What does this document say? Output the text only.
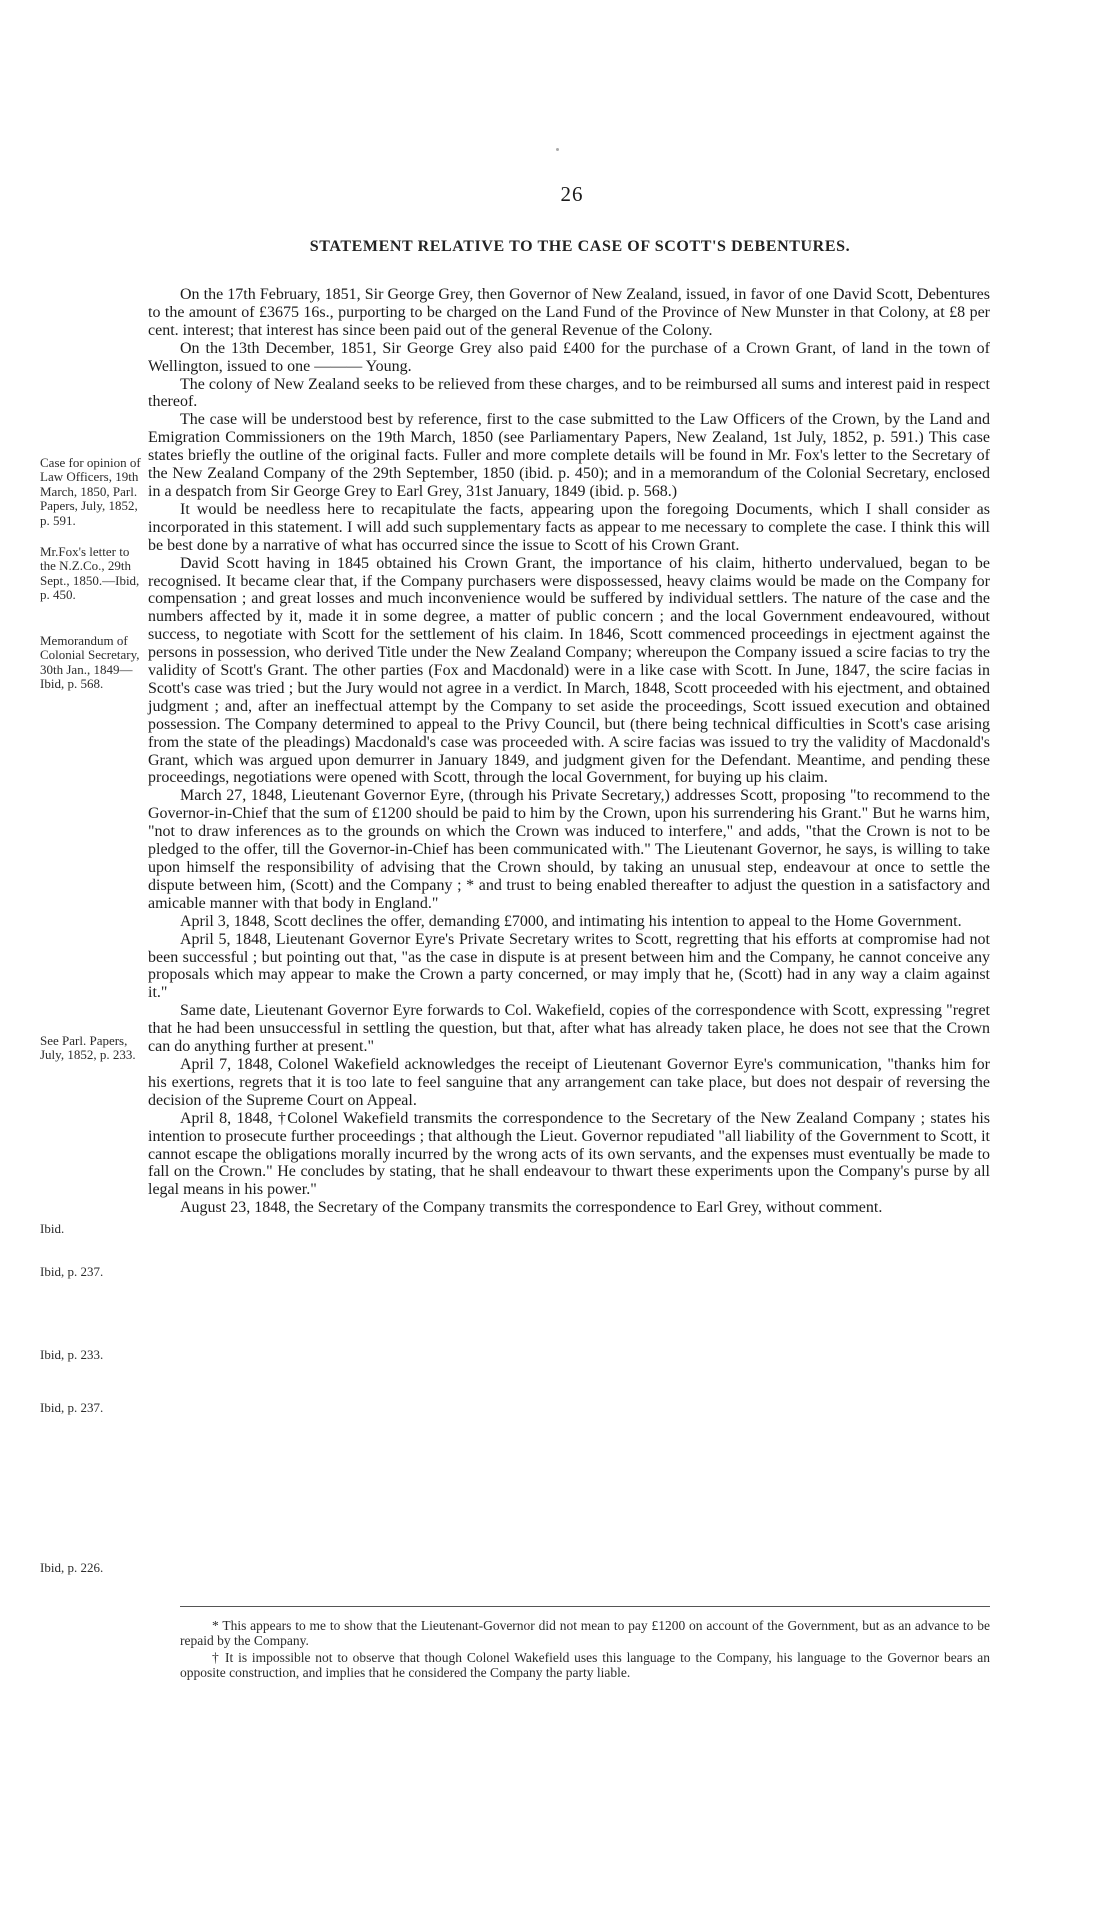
26
STATEMENT RELATIVE TO THE CASE OF SCOTT'S DEBENTURES.

On the 17th February, 1851, Sir George Grey, then Governor of New Zealand, issued, in favor of one David Scott, Debentures to the amount of £3675 16s., purporting to be charged on the Land Fund of the Province of New Munster in that Colony, at £8 per cent. interest; that interest has since been paid out of the general Revenue of the Colony.

On the 13th December, 1851, Sir George Grey also paid £400 for the purchase of a Crown Grant, of land in the town of Wellington, issued to one ——— Young.

The colony of New Zealand seeks to be relieved from these charges, and to be reimbursed all sums and interest paid in respect thereof.

The case will be understood best by reference, first to the case submitted to the Law Officers of the Crown, by the Land and Emigration Commissioners on the 19th March, 1850 (see Parliamentary Papers, New Zealand, 1st July, 1852, p. 591.) This case states briefly the outline of the original facts. Fuller and more complete details will be found in Mr. Fox's letter to the Secretary of the New Zealand Company of the 29th September, 1850 (ibid. p. 450); and in a memorandum of the Colonial Secretary, enclosed in a despatch from Sir George Grey to Earl Grey, 31st January, 1849 (ibid. p. 568.)

It would be needless here to recapitulate the facts, appearing upon the foregoing Documents, which I shall consider as incorporated in this statement. I will add such supplementary facts as appear to me necessary to complete the case. I think this will be best done by a narrative of what has occurred since the issue to Scott of his Crown Grant.

David Scott having in 1845 obtained his Crown Grant, the importance of his claim, hitherto undervalued, began to be recognised. It became clear that, if the Company purchasers were dispossessed, heavy claims would be made on the Company for compensation ; and great losses and much inconvenience would be suffered by individual settlers. The nature of the case and the numbers affected by it, made it in some degree, a matter of public concern ; and the local Government endeavoured, without success, to negotiate with Scott for the settlement of his claim. In 1846, Scott commenced proceedings in ejectment against the persons in possession, who derived Title under the New Zealand Company; whereupon the Company issued a scire facias to try the validity of Scott's Grant. The other parties (Fox and Macdonald) were in a like case with Scott. In June, 1847, the scire facias in Scott's case was tried ; but the Jury would not agree in a verdict. In March, 1848, Scott proceeded with his ejectment, and obtained judgment ; and, after an ineffectual attempt by the Company to set aside the proceedings, Scott issued execution and obtained possession. The Company determined to appeal to the Privy Council, but (there being technical difficulties in Scott's case arising from the state of the pleadings) Macdonald's case was proceeded with. A scire facias was issued to try the validity of Macdonald's Grant, which was argued upon demurrer in January 1849, and judgment given for the Defendant. Meantime, and pending these proceedings, negotiations were opened with Scott, through the local Government, for buying up his claim.

March 27, 1848, Lieutenant Governor Eyre, (through his Private Secretary,) addresses Scott, proposing "to recommend to the Governor-in-Chief that the sum of £1200 should be paid to him by the Crown, upon his surrendering his Grant." But he warns him, "not to draw inferences as to the grounds on which the Crown was induced to interfere," and adds, "that the Crown is not to be pledged to the offer, till the Governor-in-Chief has been communicated with." The Lieutenant Governor, he says, is willing to take upon himself the responsibility of advising that the Crown should, by taking an unusual step, endeavour at once to settle the dispute between him, (Scott) and the Company ; * and trust to being enabled thereafter to adjust the question in a satisfactory and amicable manner with that body in England."

April 3, 1848, Scott declines the offer, demanding £7000, and intimating his intention to appeal to the Home Government.

April 5, 1848, Lieutenant Governor Eyre's Private Secretary writes to Scott, regretting that his efforts at compromise had not been successful ; but pointing out that, "as the case in dispute is at present between him and the Company, he cannot conceive any proposals which may appear to make the Crown a party concerned, or may imply that he, (Scott) had in any way a claim against it."

Same date, Lieutenant Governor Eyre forwards to Col. Wakefield, copies of the correspondence with Scott, expressing "regret that he had been unsuccessful in settling the question, but that, after what has already taken place, he does not see that the Crown can do anything further at present."

April 7, 1848, Colonel Wakefield acknowledges the receipt of Lieutenant Governor Eyre's communication, "thanks him for his exertions, regrets that it is too late to feel sanguine that any arrangement can take place, but does not despair of reversing the decision of the Supreme Court on Appeal.

April 8, 1848, †Colonel Wakefield transmits the correspondence to the Secretary of the New Zealand Company ; states his intention to prosecute further proceedings ; that although the Lieut. Governor repudiated "all liability of the Government to Scott, it cannot escape the obligations morally incurred by the wrong acts of its own servants, and the expenses must eventually be made to fall on the Crown." He concludes by stating, that he shall endeavour to thwart these experiments upon the Company's purse by all legal means in his power."

August 23, 1848, the Secretary of the Company transmits the correspondence to Earl Grey, without comment.

Case for opinion of Law Officers, 19th March, 1850, Parl. Papers, July, 1852, p. 591.
Mr.Fox's letter to the N.Z.Co., 29th Sept., 1850.—Ibid, p. 450.
Memorandum of Colonial Secretary, 30th Jan., 1849— Ibid, p. 568.
See Parl. Papers, July, 1852, p. 233.
Ibid.
Ibid, p. 237.
Ibid, p. 233.
Ibid, p. 237.
Ibid, p. 226.

* This appears to me to show that the Lieutenant-Governor did not mean to pay £1200 on account of the Government, but as an advance to be repaid by the Company.

† It is impossible not to observe that though Colonel Wakefield uses this language to the Company, his language to the Governor bears an opposite construction, and implies that he considered the Company the party liable.
